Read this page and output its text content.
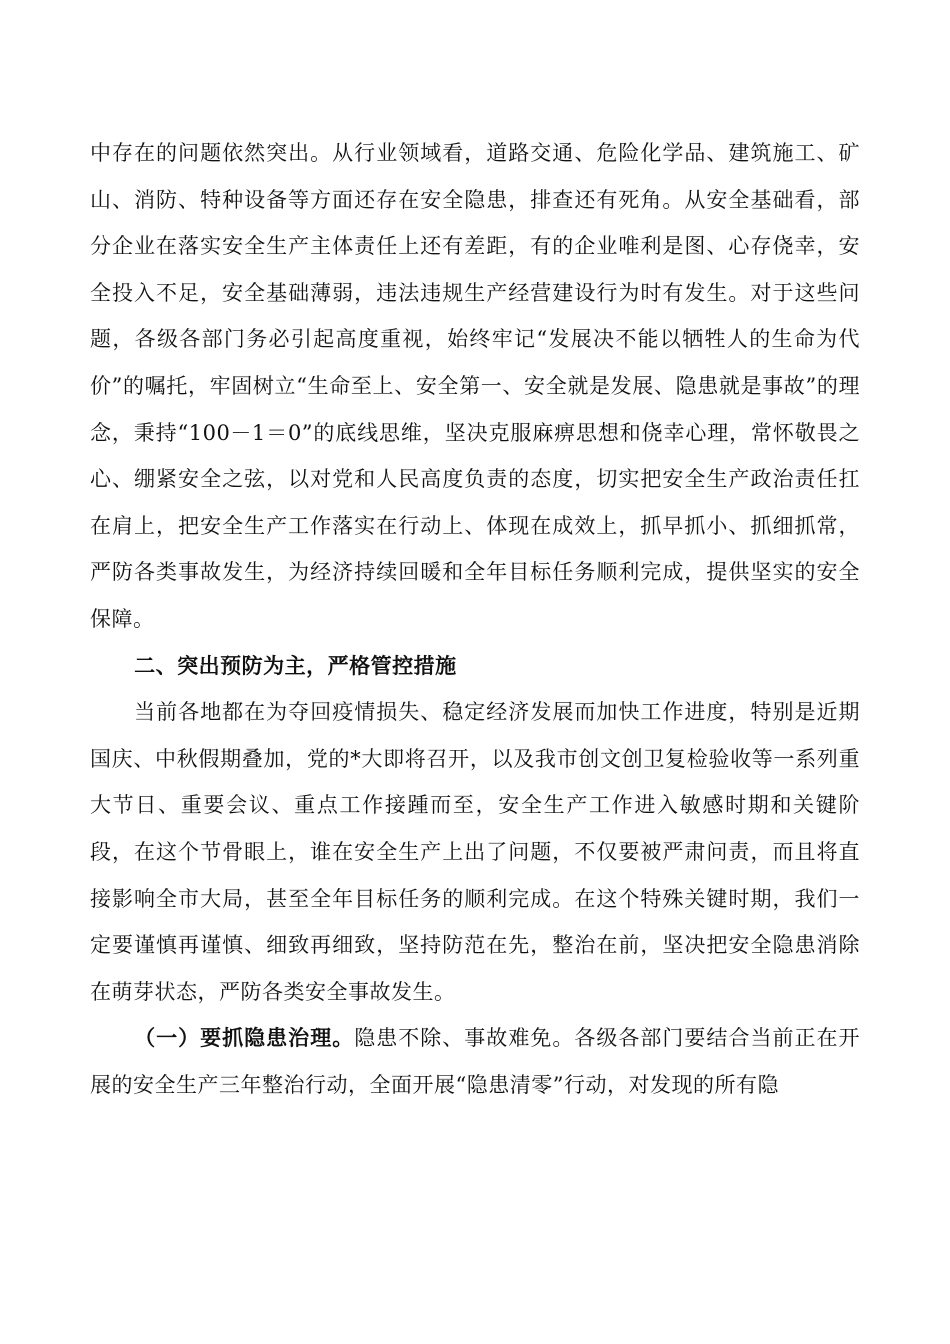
中存在的问题依然突出。从行业领域看，道路交通、危险化学品、建筑施工、矿山、消防、特种设备等方面还存在安全隐患，排查还有死角。从安全基础看，部分企业在落实安全生产主体责任上还有差距，有的企业唯利是图、心存侥幸，安全投入不足，安全基础薄弱，违法违规生产经营建设行为时有发生。对于这些问题，各级各部门务必引起高度重视，始终牢记“发展决不能以牺牲人的生命为代价”的嘱托，牢固树立“生命至上、安全第一、安全就是发展、隐患就是事故”的理念，秉持“100－1＝0”的底线思维，坚决克服麻痹思想和侥幸心理，常怀敬畏之心、绷紧安全之弦，以对党和人民高度负责的态度，切实把安全生产政治责任扛在肩上，把安全生产工作落实在行动上、体现在成效上，抓早抓小、抓细抓常，严防各类事故发生，为经济持续回暖和全年目标任务顺利完成，提供坚实的安全保障。

二、突出预防为主，严格管控措施

当前各地都在为夺回疫情损失、稳定经济发展而加快工作进度，特别是近期国庆、中秋假期叠加，党的*大即将召开，以及我市创文创卫复检验收等一系列重大节日、重要会议、重点工作接踵而至，安全生产工作进入敏感时期和关键阶段，在这个节骨眼上，谁在安全生产上出了问题，不仅要被严肃问责，而且将直接影响全市大局，甚至全年目标任务的顺利完成。在这个特殊关键时期，我们一定要谨慎再谨慎、细致再细致，坚持防范在先，整治在前，坚决把安全隐患消除在萌芽状态，严防各类安全事故发生。

（一）要抓隐患治理。隐患不除、事故难免。各级各部门要结合当前正在开展的安全生产三年整治行动，全面开展“隐患清零”行动，对发现的所有隐
